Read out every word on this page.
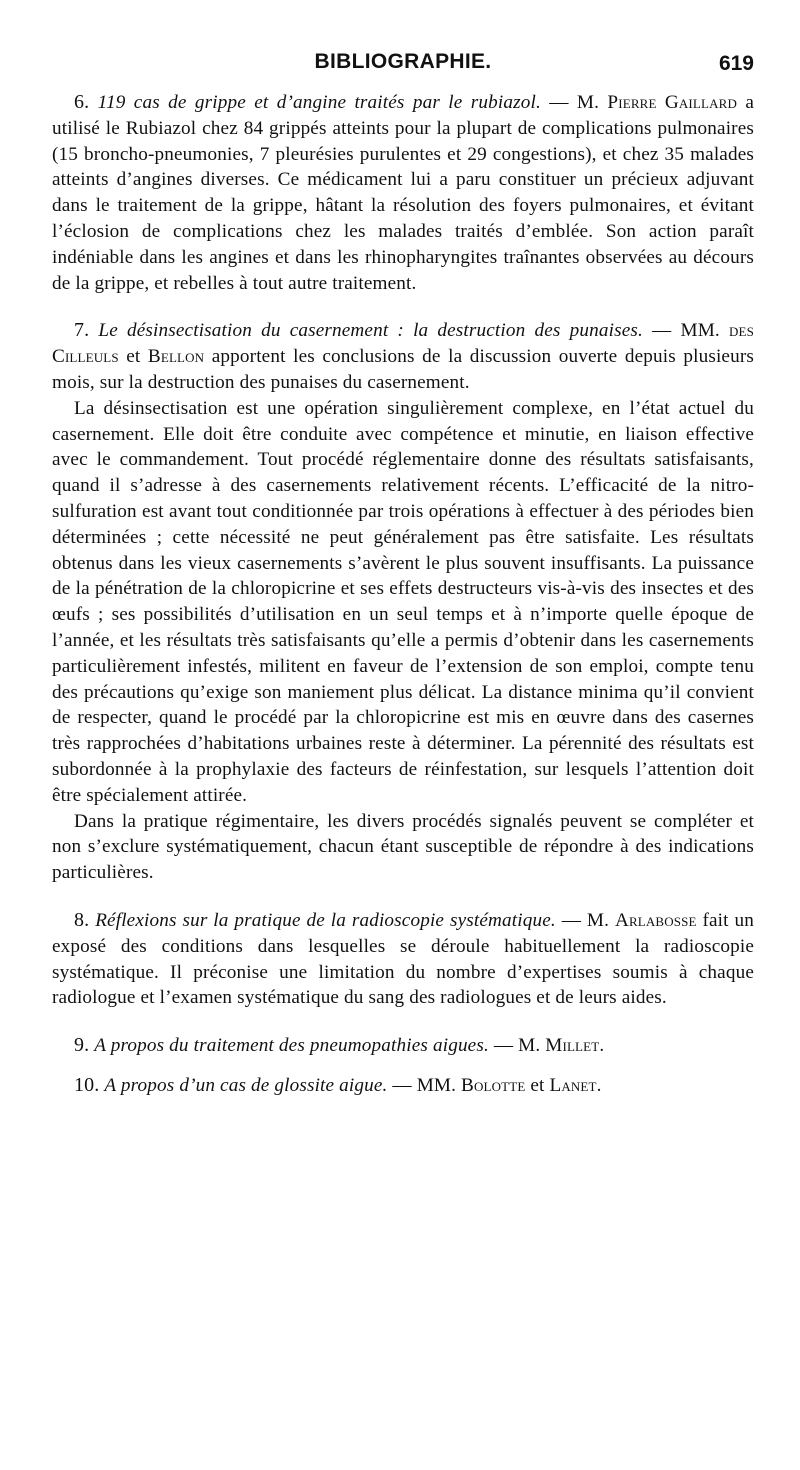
BIBLIOGRAPHIE.	619

6. 119 cas de grippe et d’angine traités par le rubiazol. — M. Pierre Gaillard a utilisé le Rubiazol chez 84 grippés atteints pour la plupart de complications pulmonaires (15 broncho-pneumonies, 7 pleurésies purulentes et 29 congestions), et chez 35 malades atteints d’angines diverses. Ce médicament lui a paru constituer un précieux adjuvant dans le traitement de la grippe, hâtant la résolution des foyers pulmonaires, et évitant l’éclosion de complications chez les malades traités d’emblée. Son action paraît indéniable dans les angines et dans les rhinopharyngites traînantes observées au décours de la grippe, et rebelles à tout autre traitement.

7. Le désinsectisation du casernement : la destruction des punaises. — MM. des Cilleuls et Bellon apportent les conclusions de la discussion ouverte depuis plusieurs mois, sur la destruction des punaises du casernement.

La désinsectisation est une opération singulièrement complexe, en l’état actuel du casernement. Elle doit être conduite avec compétence et minutie, en liaison effective avec le commandement. Tout procédé réglementaire donne des résultats satisfaisants, quand il s’adresse à des casernements relativement récents. L’efficacité de la nitro-sulfuration est avant tout conditionnée par trois opérations à effectuer à des périodes bien déterminées ; cette nécessité ne peut généralement pas être satisfaite. Les résultats obtenus dans les vieux casernements s’avèrent le plus souvent insuffisants. La puissance de la pénétration de la chloropicrine et ses effets destructeurs vis-à-vis des insectes et des œufs ; ses possibilités d’utilisation en un seul temps et à n’importe quelle époque de l’année, et les résultats très satisfaisants qu’elle a permis d’obtenir dans les casernements particulièrement infestés, militent en faveur de l’extension de son emploi, compte tenu des précautions qu’exige son maniement plus délicat. La distance minima qu’il convient de respecter, quand le procédé par la chloropicrine est mis en œuvre dans des casernes très rapprochées d’habitations urbaines reste à déterminer. La pérennité des résultats est subordonnée à la prophylaxie des facteurs de réinfestation, sur lesquels l’attention doit être spécialement attirée.

Dans la pratique régimentaire, les divers procédés signalés peuvent se compléter et non s’exclure systématiquement, chacun étant susceptible de répondre à des indications particulières.

8. Réflexions sur la pratique de la radioscopie systématique. — M. Arlabosse fait un exposé des conditions dans lesquelles se déroule habituellement la radioscopie systématique. Il préconise une limitation du nombre d’expertises soumis à chaque radiologue et l’examen systématique du sang des radiologues et de leurs aides.

9. A propos du traitement des pneumopathies aigues. — M. Millet.

10. A propos d’un cas de glossite aigue. — MM. Bolotte et Lanet.
